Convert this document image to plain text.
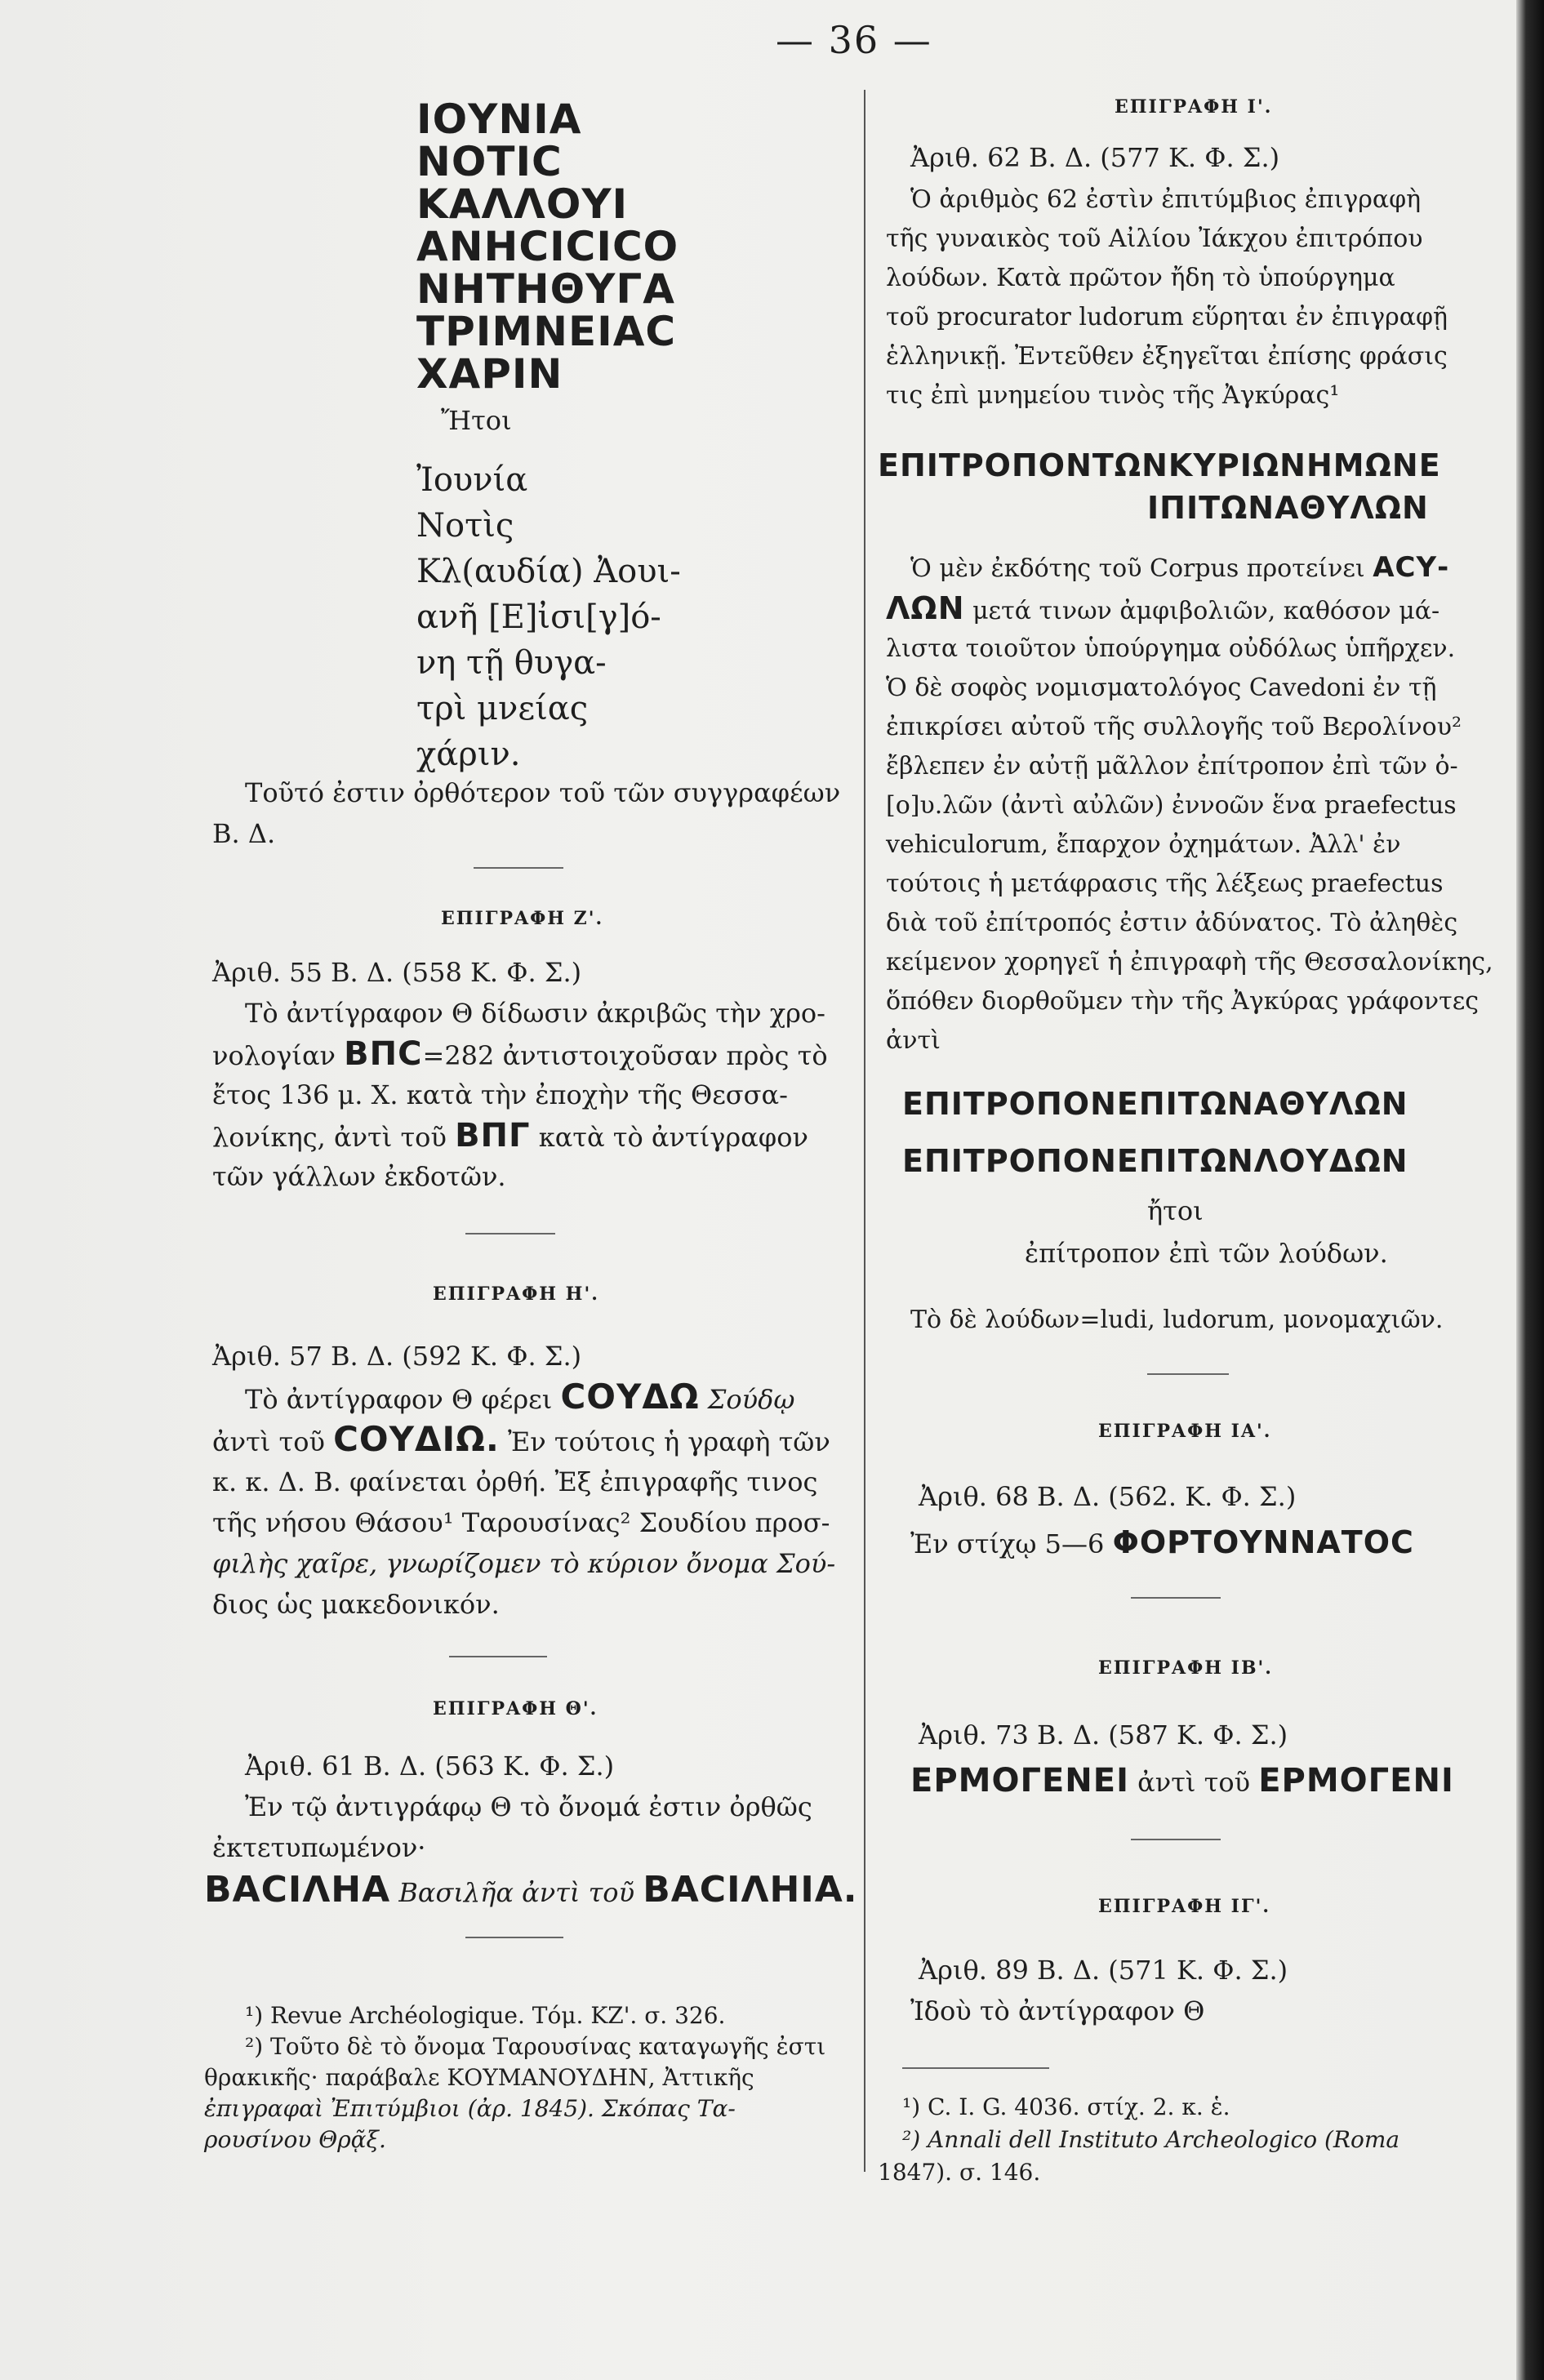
— 36 —
ΙΟΥΝΙΑ
ΝΟΤΙϹ
ΚΑΛΛΟΥΙ
ΑΝΗϹΙϹΙϹΟ
ΝΗΤΗΘΥΓΑ
ΤΡΙΜΝΕΙΑϹ
ΧΑΡΙΝ
Ἤτοι
Ἰουνία
Νοτὶς
Κλ(αυδία) Ἀουι-
ανῆ [Ε]ἰσι[γ]ό-
νη τῇ θυγα-
τρὶ μνείας
χάριν.
Τοῦτό ἐστιν ὀρθότερον τοῦ τῶν συγγραφέων
Β. Δ.
ΕΠΙΓΡΑΦΗ Ζ'.
Ἀριθ. 55 Β. Δ. (558 Κ. Φ. Σ.)
Τὸ ἀντίγραφον Θ δίδωσιν ἀκριβῶς τὴν χρο-
νολογίαν ΒΠϹ=282 ἀντιστοιχοῦσαν πρὸς τὸ
ἔτος 136 μ. Χ. κατὰ τὴν ἐποχὴν τῆς Θεσσα-
λονίκης, ἀντὶ τοῦ ΒΠΓ κατὰ τὸ ἀντίγραφον
τῶν γάλλων ἐκδοτῶν.
ΕΠΙΓΡΑΦΗ Η'.
Ἀριθ. 57 Β. Δ. (592 Κ. Φ. Σ.)
Τὸ ἀντίγραφον Θ φέρει ϹΟΥΔΩ Σούδῳ
ἀντὶ τοῦ ϹΟΥΔΙΩ. Ἐν τούτοις ἡ γραφὴ τῶν
κ. κ. Δ. Β. φαίνεται ὀρθή. Ἐξ ἐπιγραφῆς τινος
τῆς νήσου Θάσου¹ Ταρουσίνας² Σουδίου προσ-
φιλὴς χαῖρε, γνωρίζομεν τὸ κύριον ὄνομα Σού-
διος ὡς μακεδονικόν.
ΕΠΙΓΡΑΦΗ Θ'.
Ἀριθ. 61 Β. Δ. (563 Κ. Φ. Σ.)
Ἐν τῷ ἀντιγράφῳ Θ τὸ ὄνομά ἐστιν ὀρθῶς
ἐκτετυπωμένον·
ΒΑϹΙΛΗΑ Βασιλῆα ἀντὶ τοῦ ΒΑϹΙΛΗΙΑ.
¹) Revue Archéologique. Τόμ. ΚΖ'. σ. 326.
²) Τοῦτο δὲ τὸ ὄνομα Ταρουσίνας καταγωγῆς ἐστι
θρακικῆς· παράβαλε ΚΟΥΜΑΝΟΥΔΗΝ, Ἀττικῆς
ἐπιγραφαὶ Ἐπιτύμβιοι (ἀρ. 1845). Σκόπας Τα-
ρουσίνου Θρᾷξ.
ΕΠΙΓΡΑΦΗ Ι'.
Ἀριθ. 62 Β. Δ. (577 Κ. Φ. Σ.)
Ὁ ἀριθμὸς 62 ἐστὶν ἐπιτύμβιος ἐπιγραφὴ
τῆς γυναικὸς τοῦ Αἰλίου Ἰάκχου ἐπιτρόπου
λούδων. Κατὰ πρῶτον ἤδη τὸ ὑπούργημα
τοῦ procurator ludorum εὕρηται ἐν ἐπιγραφῇ
ἑλληνικῇ. Ἐντεῦθεν ἐξηγεῖται ἐπίσης φράσις
τις ἐπὶ μνημείου τινὸς τῆς Ἀγκύρας¹
ΕΠΙΤΡΟΠΟΝΤΩΝΚΥΡΙΩΝΗΜΩΝΕ
ΙΠΙΤΩΝΑΘΥΛΩΝ
Ὁ μὲν ἐκδότης τοῦ Corpus προτείνει ΑϹΥ-
ΛΩΝ μετά τινων ἀμφιβολιῶν, καθόσον μά-
λιστα τοιοῦτον ὑπούργημα οὐδόλως ὑπῆρχεν.
Ὁ δὲ σοφὸς νομισματολόγος Cavedoni ἐν τῇ
ἐπικρίσει αὐτοῦ τῆς συλλογῆς τοῦ Βερολίνου²
ἔβλεπεν ἐν αὐτῇ μᾶλλον ἐπίτροπον ἐπὶ τῶν ὀ-
[ο]υ.λῶν (ἀντὶ αὐλῶν) ἐννοῶν ἕνα praefectus
vehiculorum, ἔπαρχον ὀχημάτων. Ἀλλ' ἐν
τούτοις ἡ μετάφρασις τῆς λέξεως praefectus
διὰ τοῦ ἐπίτροπός ἐστιν ἀδύνατος. Τὸ ἀληθὲς
κείμενον χορηγεῖ ἡ ἐπιγραφὴ τῆς Θεσσαλονίκης,
ὅπόθεν διορθοῦμεν τὴν τῆς Ἀγκύρας γράφοντες
ἀντὶ
ΕΠΙΤΡΟΠΟΝΕΠΙΤΩΝΑΘΥΛΩΝ
ΕΠΙΤΡΟΠΟΝΕΠΙΤΩΝΛΟΥΔΩΝ
ἤτοι
ἐπίτροπον ἐπὶ τῶν λούδων.
Τὸ δὲ λούδων=ludi, ludorum, μονομαχιῶν.
ΕΠΙΓΡΑΦΗ ΙΑ'.
Ἀριθ. 68 Β. Δ. (562. Κ. Φ. Σ.)
Ἐν στίχῳ 5—6 ΦΟΡΤΟΥΝΝΑΤΟϹ
ΕΠΙΓΡΑΦΗ ΙΒ'.
Ἀριθ. 73 Β. Δ. (587 Κ. Φ. Σ.)
ΕΡΜΟΓΕΝΕΙ ἀντὶ τοῦ ΕΡΜΟΓΕΝΙ
ΕΠΙΓΡΑΦΗ ΙΓ'.
Ἀριθ. 89 Β. Δ. (571 Κ. Φ. Σ.)
Ἰδοὺ τὸ ἀντίγραφον Θ
¹) C. I. G. 4036. στίχ. 2. κ. ἑ.
²) Annali dell Instituto Archeologico (Roma
1847). σ. 146.
